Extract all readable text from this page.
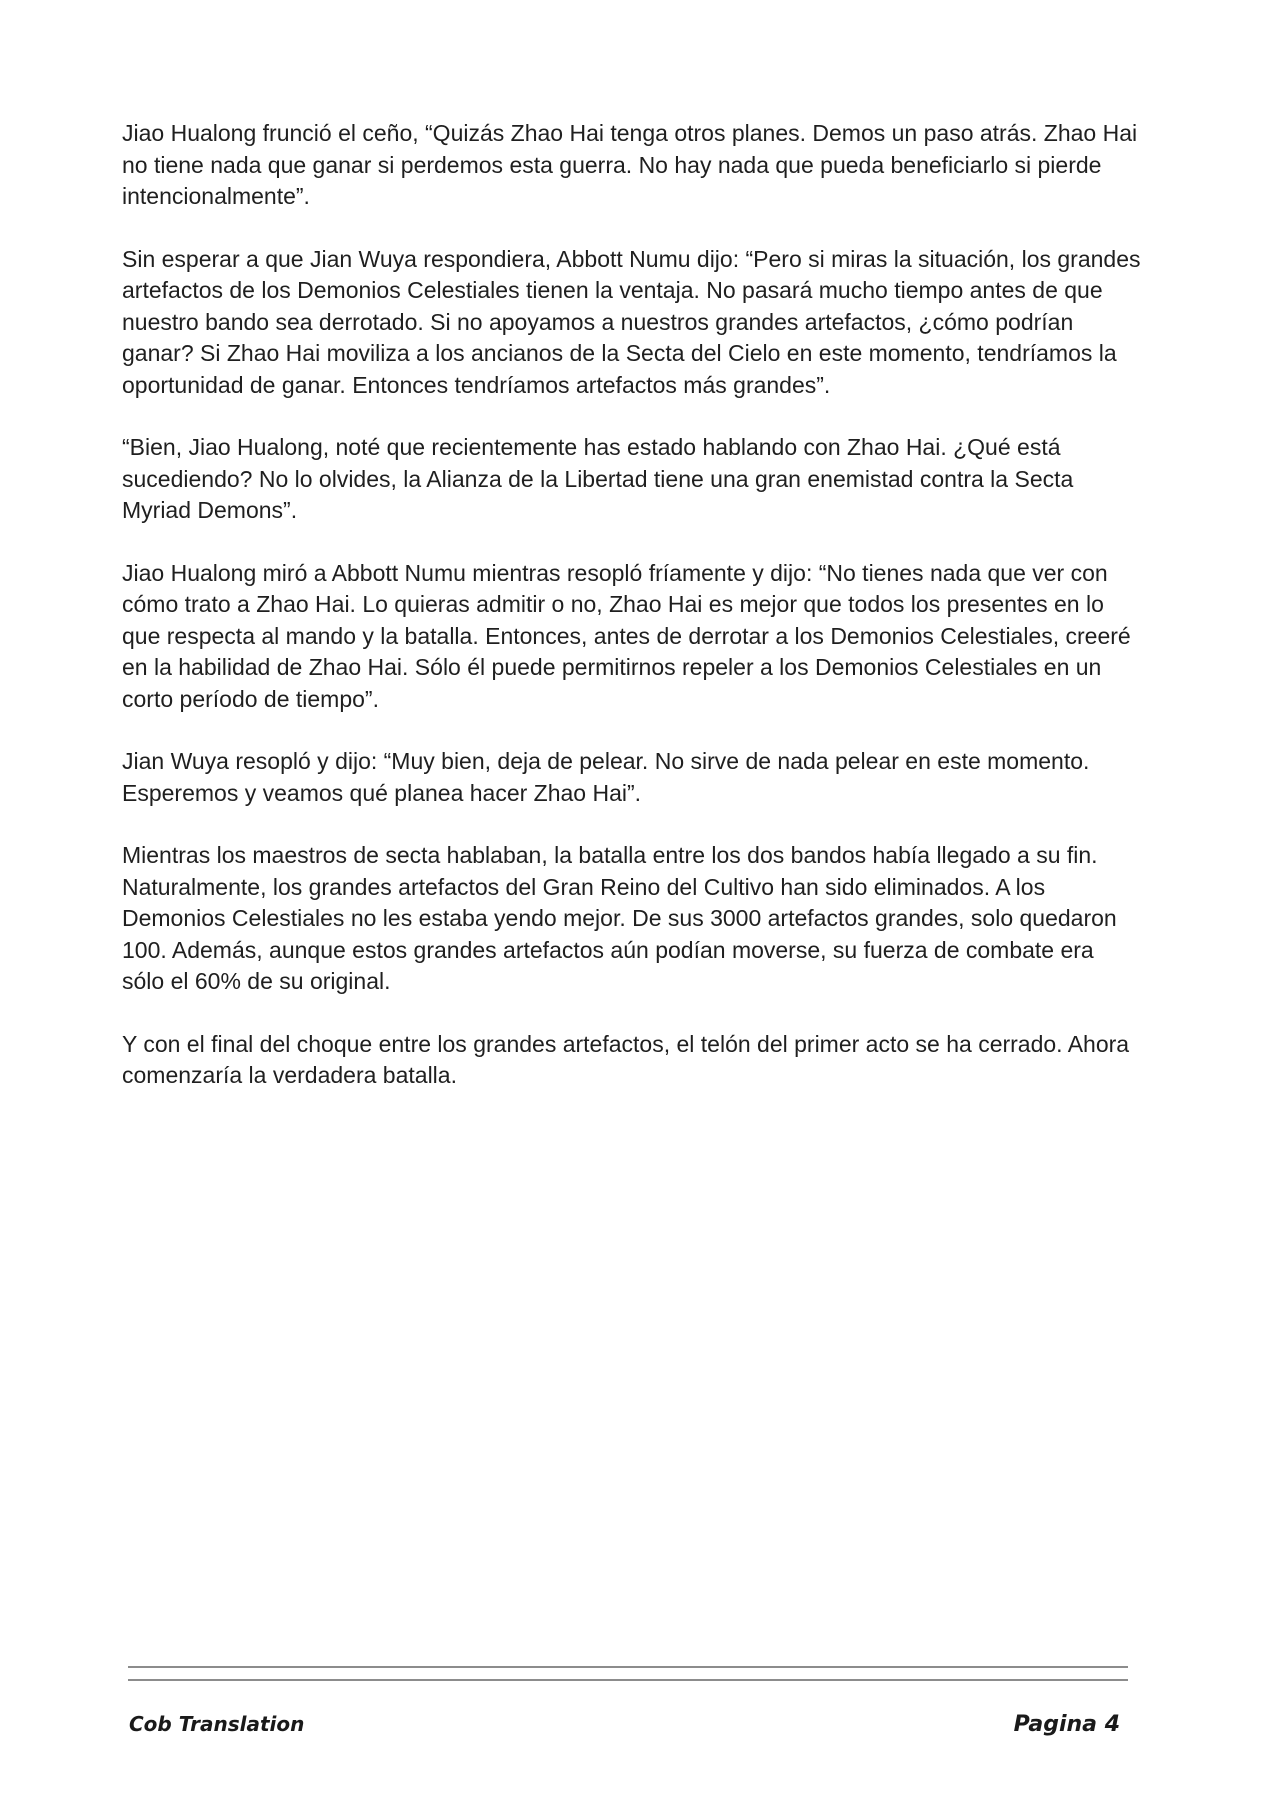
Jiao Hualong frunció el ceño, “Quizás Zhao Hai tenga otros planes. Demos un paso atrás. Zhao Hai no tiene nada que ganar si perdemos esta guerra. No hay nada que pueda beneficiarlo si pierde intencionalmente”.

Sin esperar a que Jian Wuya respondiera, Abbott Numu dijo: “Pero si miras la situación, los grandes artefactos de los Demonios Celestiales tienen la ventaja. No pasará mucho tiempo antes de que nuestro bando sea derrotado. Si no apoyamos a nuestros grandes artefactos, ¿cómo podrían ganar? Si Zhao Hai moviliza a los ancianos de la Secta del Cielo en este momento, tendríamos la oportunidad de ganar. Entonces tendríamos artefactos más grandes”.

“Bien, Jiao Hualong, noté que recientemente has estado hablando con Zhao Hai. ¿Qué está sucediendo? No lo olvides, la Alianza de la Libertad tiene una gran enemistad contra la Secta Myriad Demons”.

Jiao Hualong miró a Abbott Numu mientras resopló fríamente y dijo: “No tienes nada que ver con cómo trato a Zhao Hai. Lo quieras admitir o no, Zhao Hai es mejor que todos los presentes en lo que respecta al mando y la batalla. Entonces, antes de derrotar a los Demonios Celestiales, creeré en la habilidad de Zhao Hai. Sólo él puede permitirnos repeler a los Demonios Celestiales en un corto período de tiempo”.

Jian Wuya resopló y dijo: “Muy bien, deja de pelear. No sirve de nada pelear en este momento. Esperemos y veamos qué planea hacer Zhao Hai”.

Mientras los maestros de secta hablaban, la batalla entre los dos bandos había llegado a su fin. Naturalmente, los grandes artefactos del Gran Reino del Cultivo han sido eliminados. A los Demonios Celestiales no les estaba yendo mejor. De sus 3000 artefactos grandes, solo quedaron 100. Además, aunque estos grandes artefactos aún podían moverse, su fuerza de combate era sólo el 60% de su original.

Y con el final del choque entre los grandes artefactos, el telón del primer acto se ha cerrado. Ahora comenzaría la verdadera batalla.

Cob Translation	Pagina 4
